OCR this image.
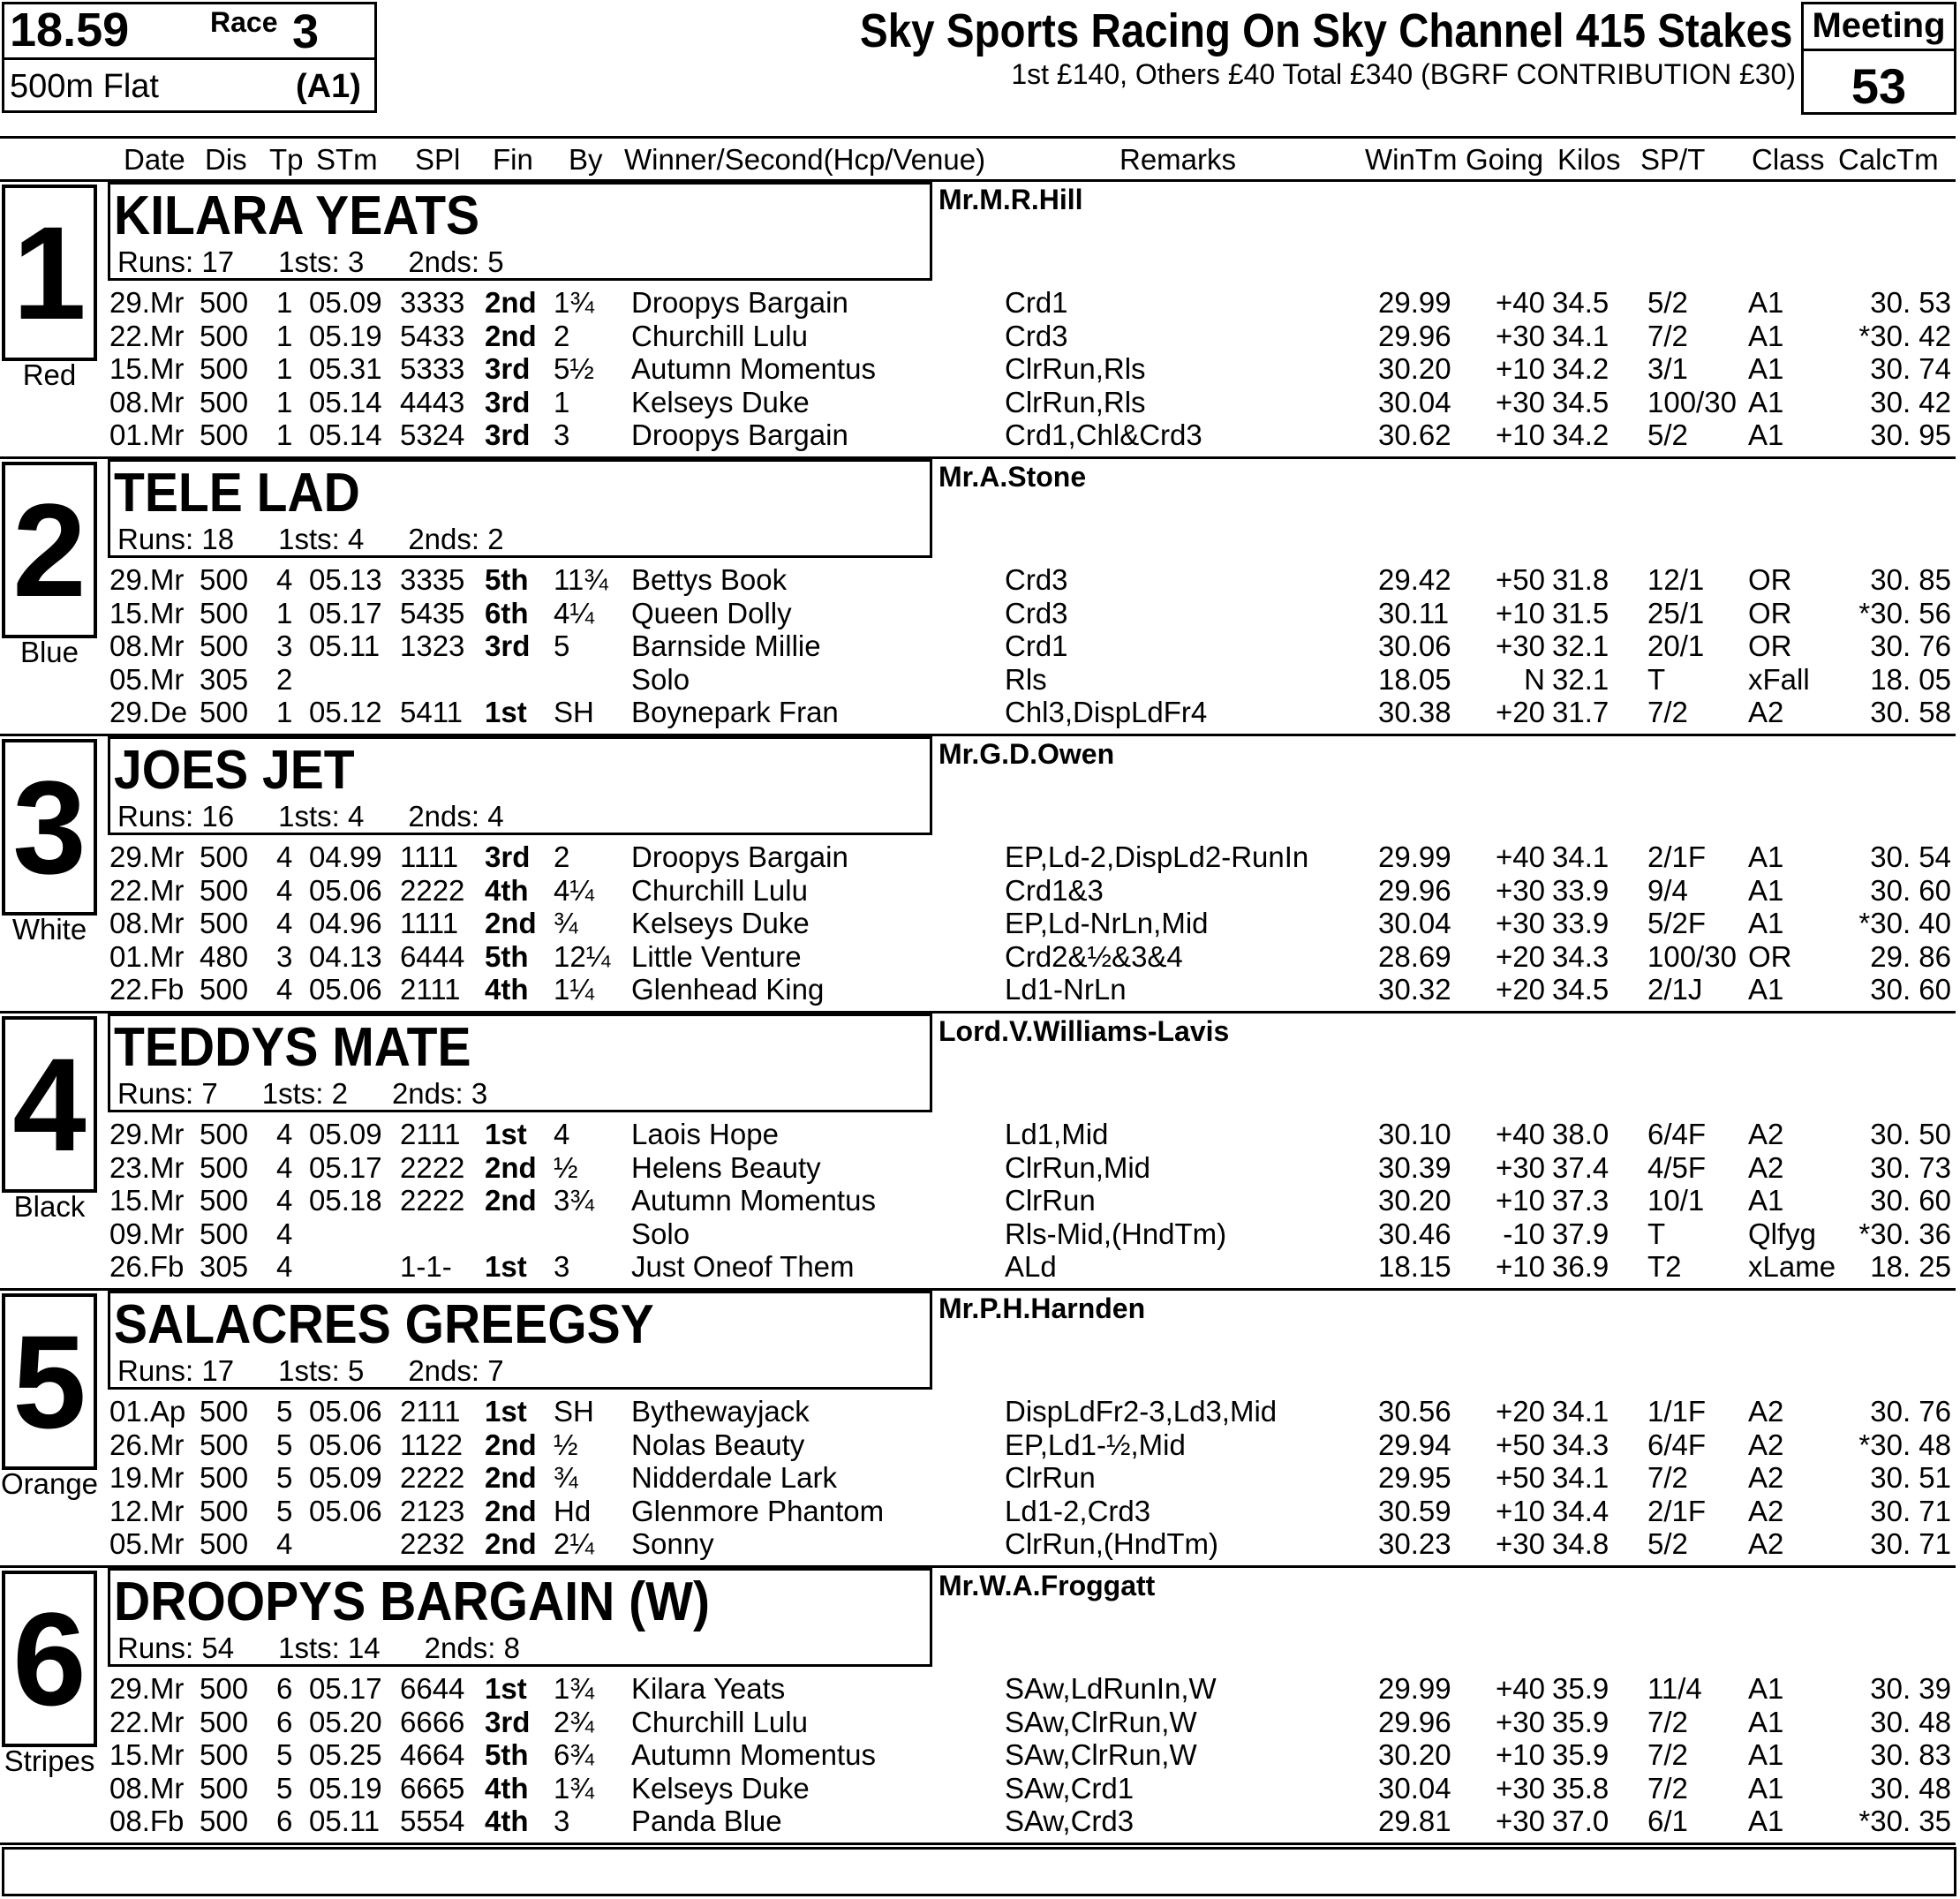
18.59	Race 3
500m Flat	(A1)
Sky Sports Racing On Sky Channel 415 Stakes
1st £140, Others £40 Total £340 (BGRF CONTRIBUTION £30)
Meeting
53
Date Dis Tp STm SPl Fin By Winner/Second(Hcp/Venue)	Remarks	WinTm Going Kilos SP/T Class CalcTm
1
Red
KILARA YEATS
Runs: 17 1sts: 3 2nds: 5
Mr.M.R.Hill
29.Mr 500 1 05.09 3333 2nd 1¾ Droopys Bargain	Crd1	29.99	+40 34.5 5/2 A1	30. 53
22.Mr 500 1 05.19 5433 2nd 2 Churchill Lulu	Crd3	29.96	+30 34.1 7/2 A1	*30. 42
15.Mr 500 1 05.31 5333 3rd 5½ Autumn Momentus	ClrRun,Rls	30.20	+10 34.2 3/1 A1	30. 74
08.Mr 500 1 05.14 4443 3rd 1 Kelseys Duke	ClrRun,Rls	30.04	+30 34.5 100/30 A1	30. 42
01.Mr 500 1 05.14 5324 3rd 3 Droopys Bargain	Crd1,Chl&Crd3	30.62	+10 34.2 5/2 A1	30. 95
2
Blue
TELE LAD
Runs: 18 1sts: 4 2nds: 2
Mr.A.Stone
29.Mr 500 4 05.13 3335 5th 11¾ Bettys Book	Crd3	29.42	+50 31.8 12/1 OR	30. 85
15.Mr 500 1 05.17 5435 6th 4¼ Queen Dolly	Crd3	30.11	+10 31.5 25/1 OR	*30. 56
08.Mr 500 3 05.11 1323 3rd 5 Barnside Millie	Crd1	30.06	+30 32.1 20/1 OR	30. 76
05.Mr 305 2	Solo	Rls	18.05	N 32.1 T	xFall	18. 05
29.De 500 1 05.12 5411 1st SH Boynepark Fran	Chl3,DispLdFr4	30.38	+20 31.7 7/2 A2	30. 58
3
White
JOES JET
Runs: 16 1sts: 4 2nds: 4
Mr.G.D.Owen
29.Mr 500 4 04.99 1111 3rd 2 Droopys Bargain	EP,Ld-2,DispLd2-RunIn 29.99	+40 34.1 2/1F A1	30. 54
22.Mr 500 4 05.06 2222 4th 4¼ Churchill Lulu	Crd1&3	29.96	+30 33.9 9/4 A1	30. 60
08.Mr 500 4 04.96 1111 2nd ¾ Kelseys Duke	EP,Ld-NrLn,Mid	30.04	+30 33.9 5/2F A1	*30. 40
01.Mr 480 3 04.13 6444 5th 12¼ Little Venture	Crd2&½&3&4	28.69	+20 34.3 100/30 OR	29. 86
22.Fb 500 4 05.06 2111 4th 1¼ Glenhead King	Ld1-NrLn	30.32	+20 34.5 2/1J A1	30. 60
4
Black
TEDDYS MATE
Runs: 7 1sts: 2 2nds: 3
Lord.V.Williams-Lavis
29.Mr 500 4 05.09 2111 1st 4 Laois Hope	Ld1,Mid	30.10	+40 38.0 6/4F A2	30. 50
23.Mr 500 4 05.17 2222 2nd ½ Helens Beauty	ClrRun,Mid	30.39	+30 37.4 4/5F A2	30. 73
15.Mr 500 4 05.18 2222 2nd 3¾ Autumn Momentus	ClrRun	30.20	+10 37.3 10/1 A1	30. 60
09.Mr 500 4	Solo	Rls-Mid,(HndTm)	30.46	-10 37.9 T	Qlfyg	*30. 36
26.Fb 305 4	1-1- 1st 3 Just Oneof Them	ALd	18.15	+10 36.9 T2 xLame	18. 25
5
Orange
SALACRES GREEGSY
Runs: 17 1sts: 5 2nds: 7
Mr.P.H.Harnden
01.Ap 500 5 05.06 2111 1st SH Bythewayjack	DispLdFr2-3,Ld3,Mid	30.56	+20 34.1 1/1F A2	30. 76
26.Mr 500 5 05.06 1122 2nd ½ Nolas Beauty	EP,Ld1-½,Mid	29.94	+50 34.3 6/4F A2	*30. 48
19.Mr 500 5 05.09 2222 2nd ¾ Nidderdale Lark	ClrRun	29.95	+50 34.1 7/2 A2	30. 51
12.Mr 500 5 05.06 2123 2nd Hd Glenmore Phantom	Ld1-2,Crd3	30.59	+10 34.4 2/1F A2	30. 71
05.Mr 500 4	2232 2nd 2¼ Sonny	ClrRun,(HndTm)	30.23	+30 34.8 5/2 A2	30. 71
6
Stripes
DROOPYS BARGAIN (W)
Runs: 54 1sts: 14 2nds: 8
Mr.W.A.Froggatt
29.Mr 500 6 05.17 6644 1st 1¾ Kilara Yeats	SAw,LdRunIn,W	29.99	+40 35.9 11/4 A1	30. 39
22.Mr 500 6 05.20 6666 3rd 2¾ Churchill Lulu	SAw,ClrRun,W	29.96	+30 35.9 7/2 A1	30. 48
15.Mr 500 5 05.25 4664 5th 6¾ Autumn Momentus	SAw,ClrRun,W	30.20	+10 35.9 7/2 A1	30. 83
08.Mr 500 5 05.19 6665 4th 1¾ Kelseys Duke	SAw,Crd1	30.04	+30 35.8 7/2 A1	30. 48
08.Fb 500 6 05.11 5554 4th 3 Panda Blue	SAw,Crd3	29.81	+30 37.0 6/1 A1	*30. 35
